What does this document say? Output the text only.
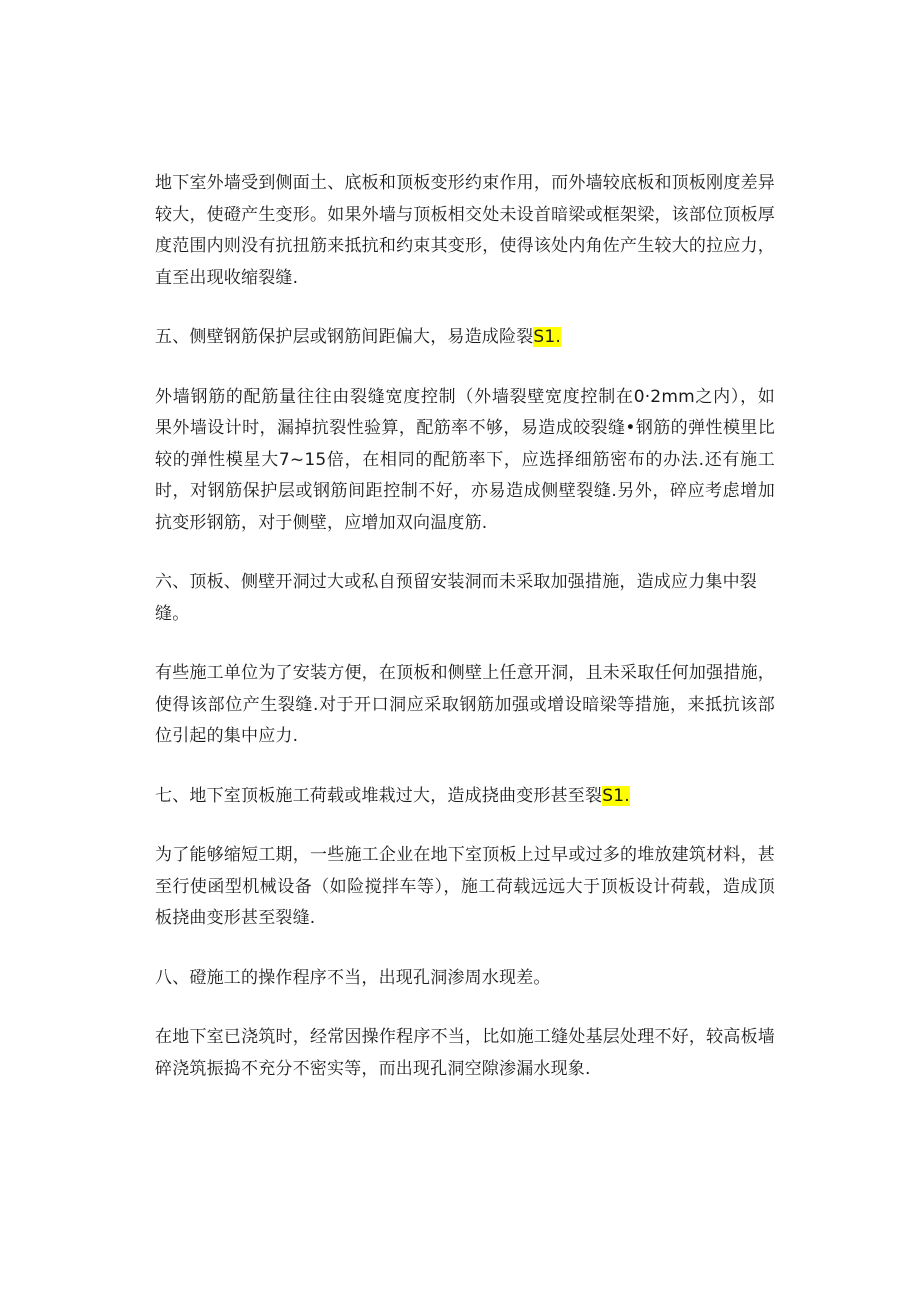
地下室外墙受到侧面土、底板和顶板变形约束作用，而外墙较底板和顶板刚度差异较大，使磴产生变形。如果外墙与顶板相交处未设首暗梁或框架梁，该部位顶板厚度范围内则没有抗扭筋来抵抗和约束其变形，使得该处内角佐产生较大的拉应力，直至出现收缩裂缝.

五、侧壁钢筋保护层或钢筋间距偏大，易造成险裂S1.

外墙钢筋的配筋量往往由裂缝宽度控制（外墙裂壁宽度控制在0·2mm之内），如果外墙设计时，漏掉抗裂性验算，配筋率不够，易造成皎裂缝•钢筋的弹性模里比较的弹性模星大7~15倍，在相同的配筋率下，应选择细筋密布的办法.还有施工时，对钢筋保护层或钢筋间距控制不好，亦易造成侧壁裂缝.另外，碎应考虑增加抗变形钢筋，对于侧壁，应增加双向温度筋.

六、顶板、侧壁开洞过大或私自预留安装洞而未采取加强措施，造成应力集中裂缝。

有些施工单位为了安装方便，在顶板和侧壁上任意开洞，且未采取任何加强措施，使得该部位产生裂缝.对于开口洞应采取钢筋加强或增设暗梁等措施，来抵抗该部位引起的集中应力.

七、地下室顶板施工荷载或堆栽过大，造成挠曲变形甚至裂S1.

为了能够缩短工期，一些施工企业在地下室顶板上过早或过多的堆放建筑材料，甚至行使函型机械设备（如险搅拌车等），施工荷载远远大于顶板设计荷载，造成顶板挠曲变形甚至裂缝.

八、磴施工的操作程序不当，出现孔洞渗周水现差。

在地下室已浇筑时，经常因操作程序不当，比如施工缝处基层处理不好，较高板墙碎浇筑振捣不充分不密实等，而出现孔洞空隙渗漏水现象.
